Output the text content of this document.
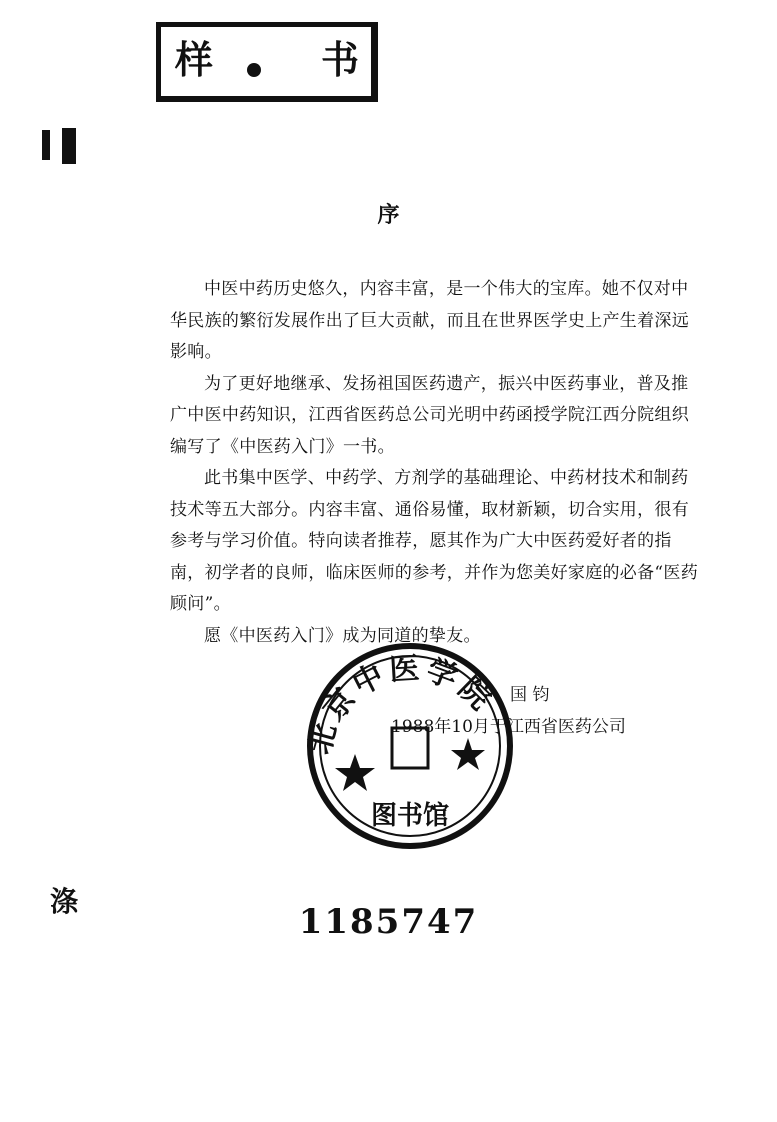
样	书
序

中医中药历史悠久，内容丰富，是一个伟大的宝库。她不仅对中华民族的繁衍发展作出了巨大贡献，而且在世界医学史上产生着深远影响。

为了更好地继承、发扬祖国医药遗产，振兴中医药事业，普及推广中医中药知识，江西省医药总公司光明中药函授学院江西分院组织编写了《中医药入门》一书。

此书集中医学、中药学、方剂学的基础理论、中药材技术和制药技术等五大部分。内容丰富、通俗易懂，取材新颖，切合实用，很有参考与学习价值。特向读者推荐，愿其作为广大中医药爱好者的指南，初学者的良师，临床医师的参考，并作为您美好家庭的必备“医药顾问”。

愿《中医药入门》成为同道的挚友。

北京中医学院
图书馆
国 钧
1988年10月于江西省医药公司
涤
1185747
